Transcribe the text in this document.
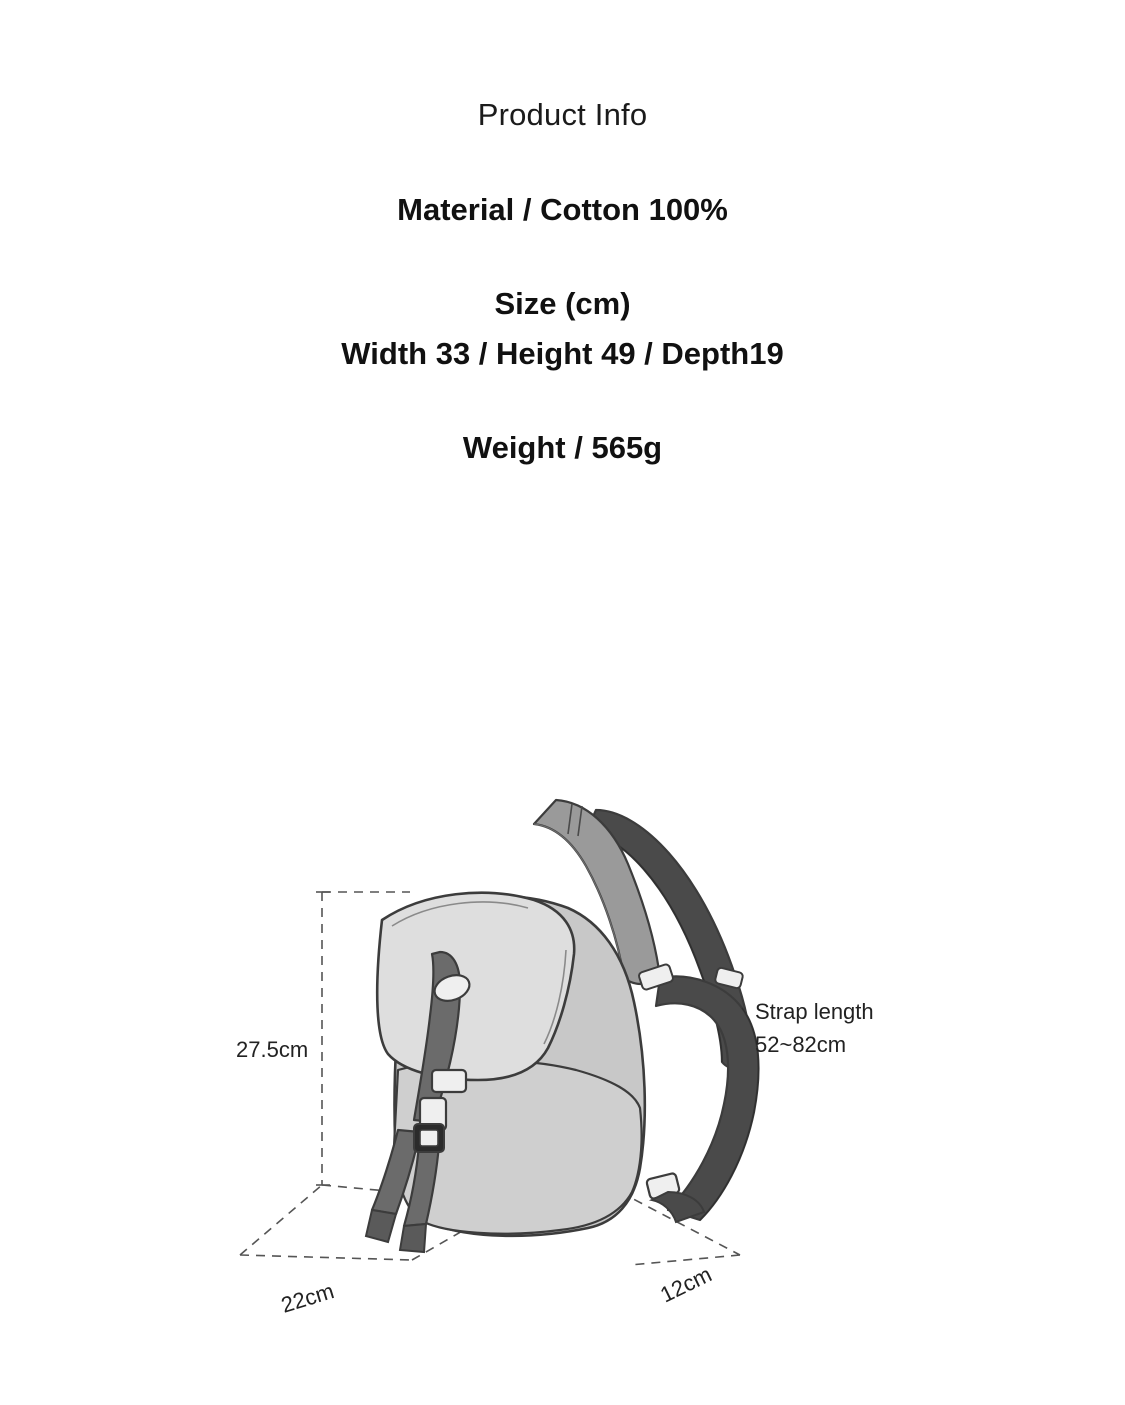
Product Info
Material / Cotton 100%
Size (cm)
Width 33 / Height 49 / Depth19
Weight / 565g
27.5cm
22cm	12cm
Strap length
52~82cm
